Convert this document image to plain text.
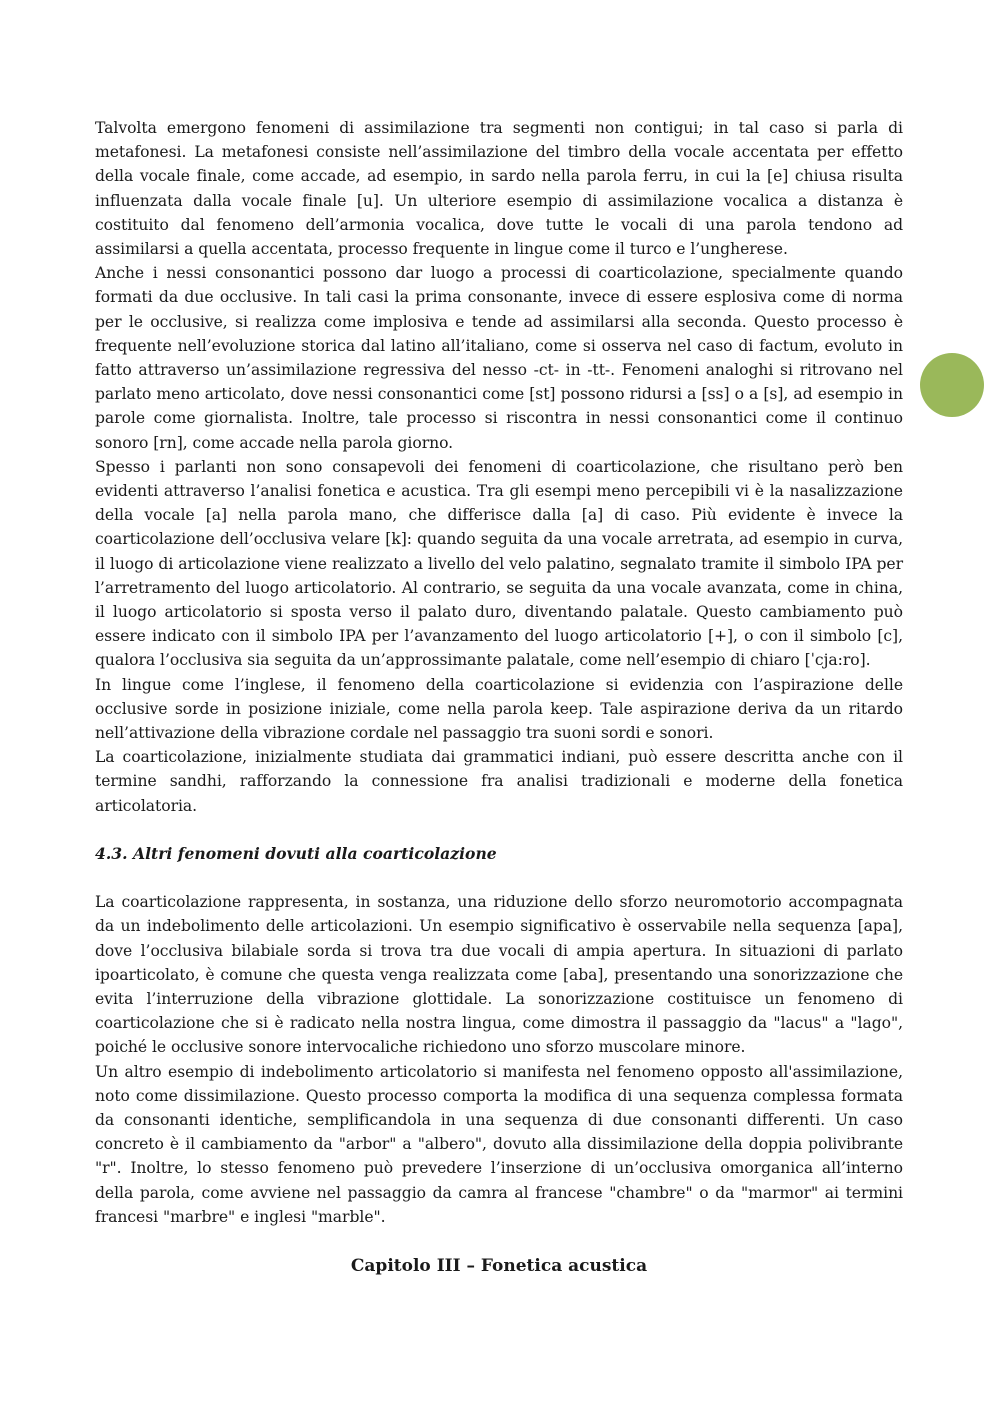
Talvolta emergono fenomeni di assimilazione tra segmenti non contigui; in tal caso si parla di metafonesi. La metafonesi consiste nell’assimilazione del timbro della vocale accentata per effetto della vocale finale, come accade, ad esempio, in sardo nella parola ferru, in cui la [e] chiusa risulta influenzata dalla vocale finale [u]. Un ulteriore esempio di assimilazione vocalica a distanza è costituito dal fenomeno dell’armonia vocalica, dove tutte le vocali di una parola tendono ad assimilarsi a quella accentata, processo frequente in lingue come il turco e l’ungherese.

Anche i nessi consonantici possono dar luogo a processi di coarticolazione, specialmente quando formati da due occlusive. In tali casi la prima consonante, invece di essere esplosiva come di norma per le occlusive, si realizza come implosiva e tende ad assimilarsi alla seconda. Questo processo è frequente nell’evoluzione storica dal latino all’italiano, come si osserva nel caso di factum, evoluto in fatto attraverso un’assimilazione regressiva del nesso -ct- in -tt-. Fenomeni analoghi si ritrovano nel parlato meno articolato, dove nessi consonantici come [st] possono ridursi a [ss] o a [s], ad esempio in parole come giornalista. Inoltre, tale processo si riscontra in nessi consonantici come il continuo sonoro [rn], come accade nella parola giorno.

Spesso i parlanti non sono consapevoli dei fenomeni di coarticolazione, che risultano però ben evidenti attraverso l’analisi fonetica e acustica. Tra gli esempi meno percepibili vi è la nasalizzazione della vocale [a] nella parola mano, che differisce dalla [a] di caso. Più evidente è invece la coarticolazione dell’occlusiva velare [k]: quando seguita da una vocale arretrata, ad esempio in curva, il luogo di articolazione viene realizzato a livello del velo palatino, segnalato tramite il simbolo IPA per l’arretramento del luogo articolatorio. Al contrario, se seguita da una vocale avanzata, come in china, il luogo articolatorio si sposta verso il palato duro, diventando palatale. Questo cambiamento può essere indicato con il simbolo IPA per l’avanzamento del luogo articolatorio [+], o con il simbolo [c], qualora l’occlusiva sia seguita da un’approssimante palatale, come nell’esempio di chiaro [ˈcja:ro].

In lingue come l’inglese, il fenomeno della coarticolazione si evidenzia con l’aspirazione delle occlusive sorde in posizione iniziale, come nella parola keep. Tale aspirazione deriva da un ritardo nell’attivazione della vibrazione cordale nel passaggio tra suoni sordi e sonori.

La coarticolazione, inizialmente studiata dai grammatici indiani, può essere descritta anche con il termine sandhi, rafforzando la connessione fra analisi tradizionali e moderne della fonetica articolatoria.

4.3. Altri fenomeni dovuti alla coarticolazione

La coarticolazione rappresenta, in sostanza, una riduzione dello sforzo neuromotorio accompagnata da un indebolimento delle articolazioni. Un esempio significativo è osservabile nella sequenza [apa], dove l’occlusiva bilabiale sorda si trova tra due vocali di ampia apertura. In situazioni di parlato ipoarticolato, è comune che questa venga realizzata come [aba], presentando una sonorizzazione che evita l’interruzione della vibrazione glottidale. La sonorizzazione costituisce un fenomeno di coarticolazione che si è radicato nella nostra lingua, come dimostra il passaggio da "lacus" a "lago", poiché le occlusive sonore intervocaliche richiedono uno sforzo muscolare minore.

Un altro esempio di indebolimento articolatorio si manifesta nel fenomeno opposto all'assimilazione, noto come dissimilazione. Questo processo comporta la modifica di una sequenza complessa formata da consonanti identiche, semplificandola in una sequenza di due consonanti differenti. Un caso concreto è il cambiamento da "arbor" a "albero", dovuto alla dissimilazione della doppia polivibrante "r". Inoltre, lo stesso fenomeno può prevedere l’inserzione di un’occlusiva omorganica all’interno della parola, come avviene nel passaggio da camra al francese "chambre" o da "marmor" ai termini francesi "marbre" e inglesi "marble".

Capitolo III – Fonetica acustica
